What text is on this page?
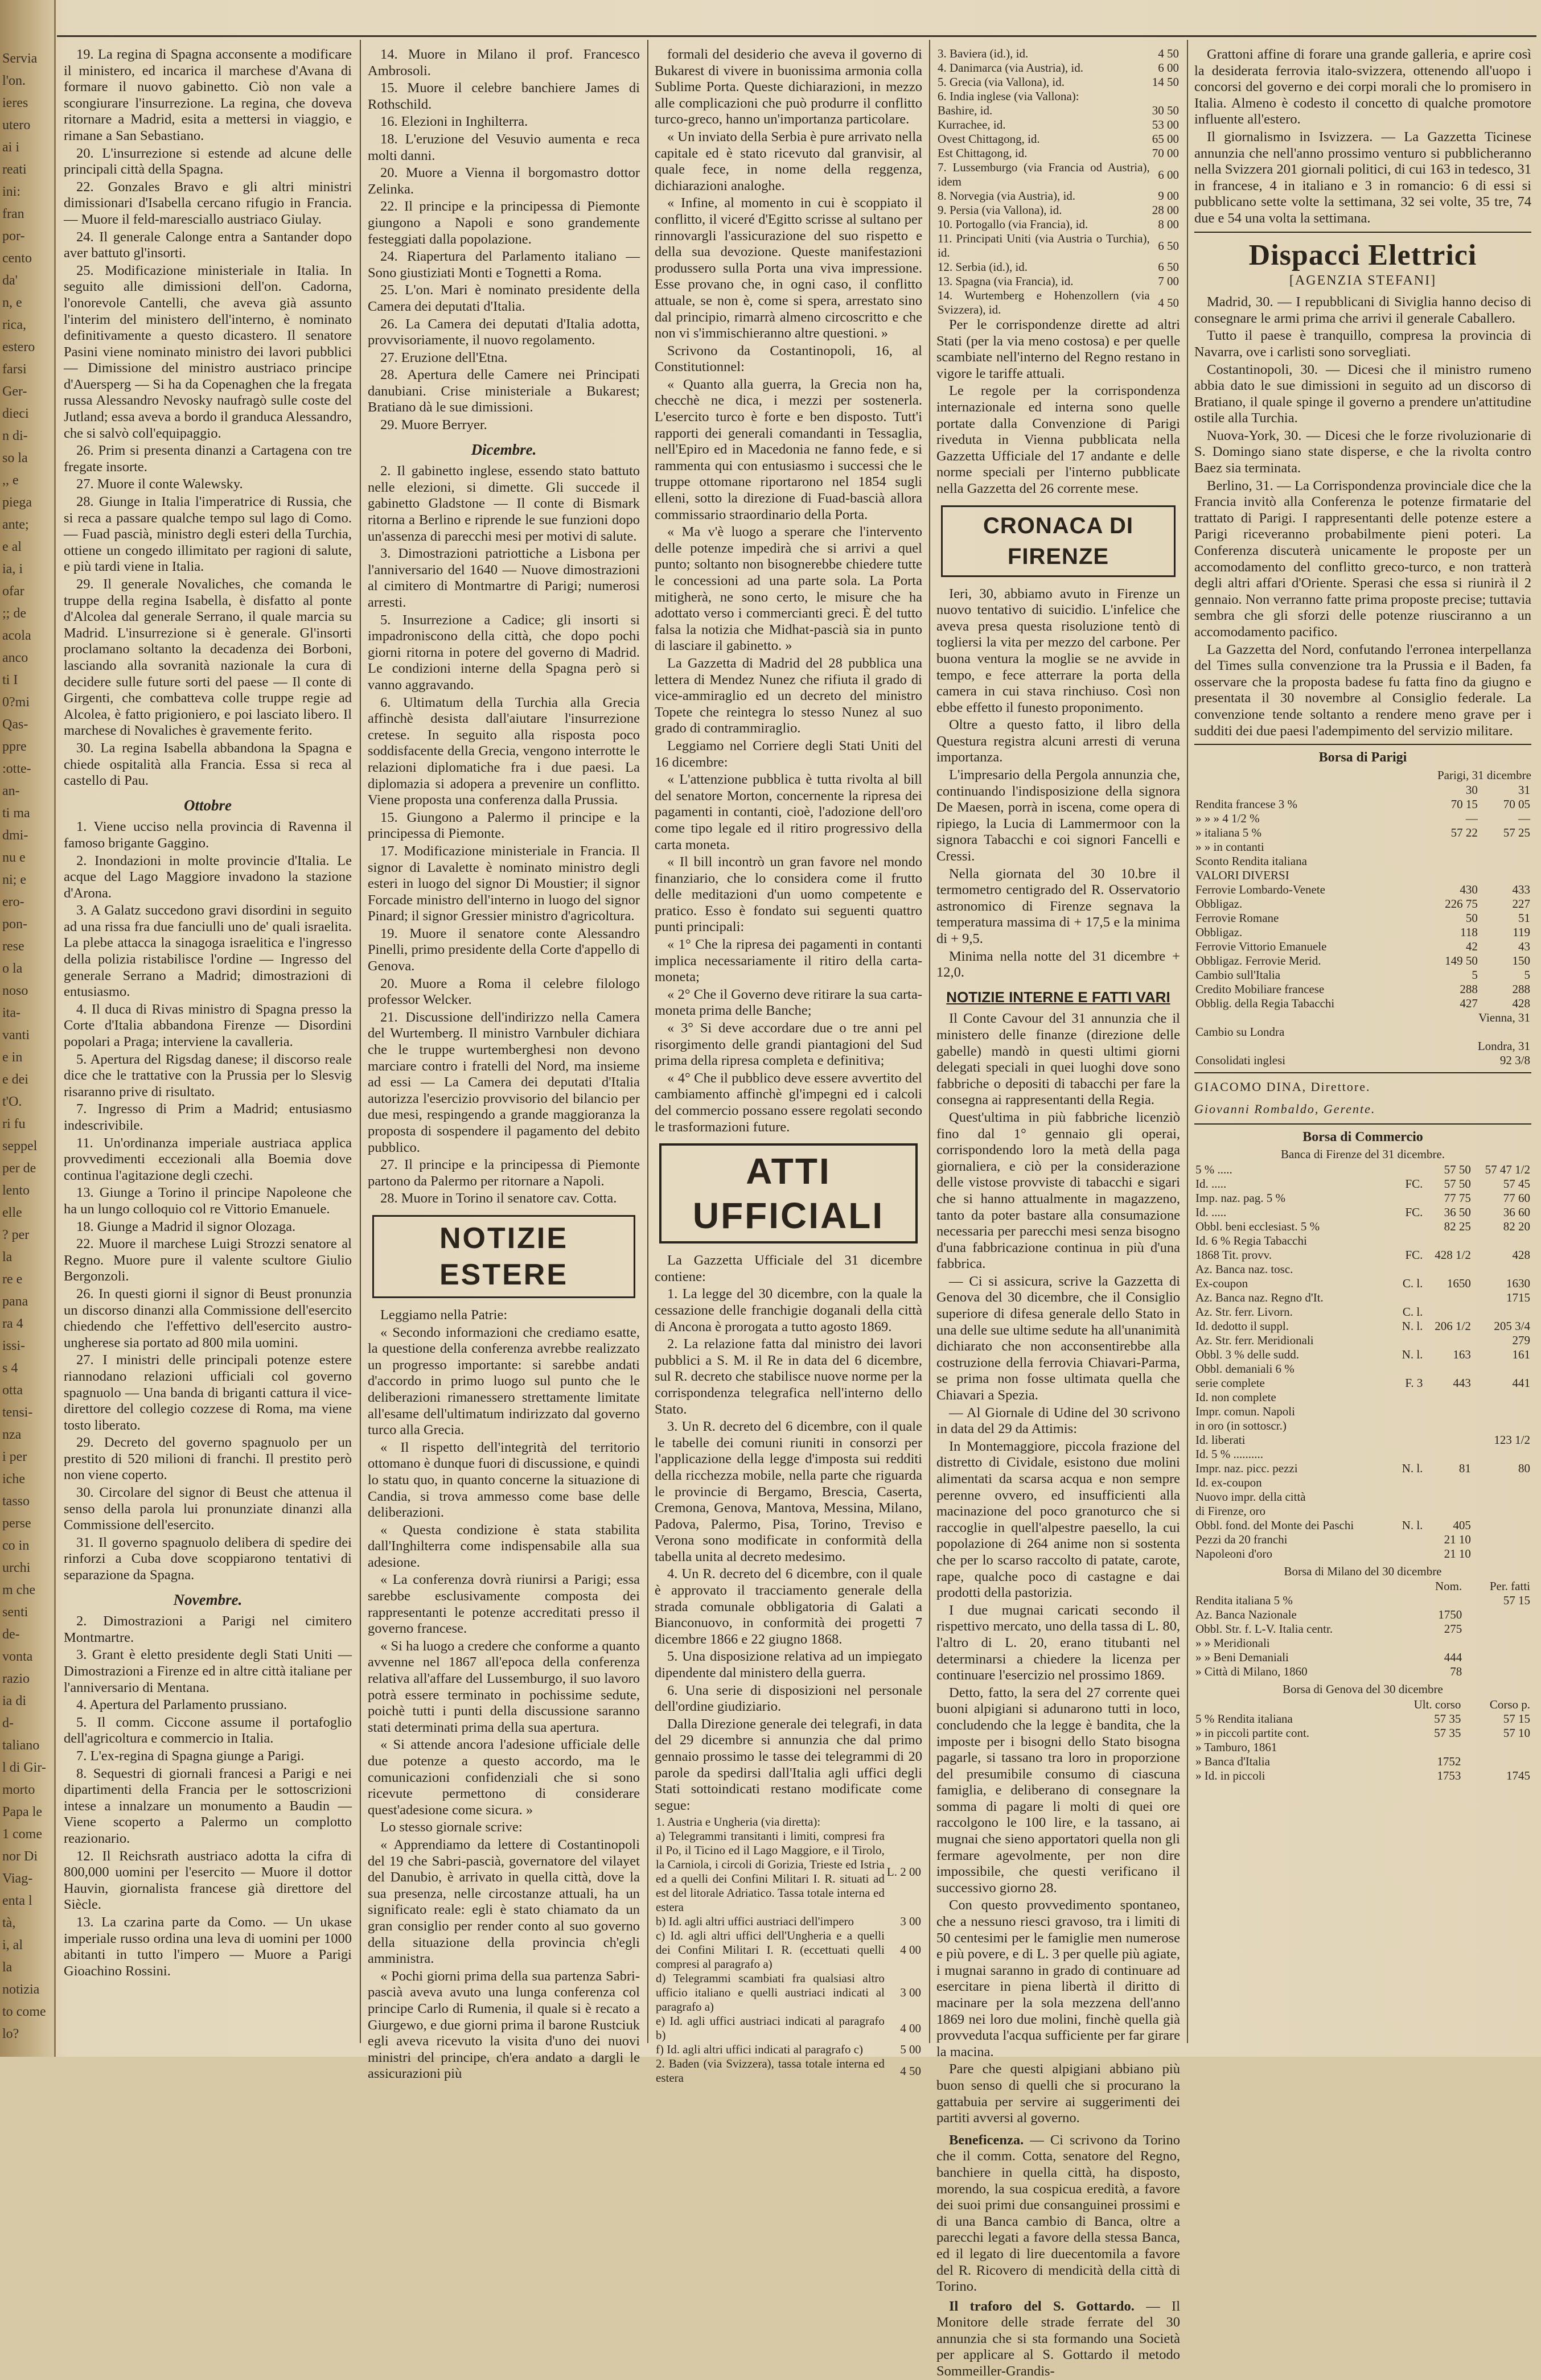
Servia
l'on.
ieres
utero
ai i
reati
ini:
fran
por-
cento
da'
n, e
rica,
estero
farsi
Ger-
dieci
n di-
so la
,, e
piega
ante;
e al
ia, i
ofar
;; de
acola
anco
ti I
0?mi
Qas-
ppre
:otte-
an-
ti ma
dmi-
nu e
ni; e
ero-
pon-
rese
o la
noso
ita-
vanti
e in
e dei
t'O.
ri fu
seppel
per de
lento
elle
? per
la
re e
pana
ra 4
issi-
s 4
otta
tensi-
nza
i per
iche
tasso
perse
co in
urchi
m che
senti
de-
vonta
razio
ia di
d-
taliano
l di Gir-
morto
Papa le
1 come
nor Di
Viag-
enta l
tà,
i, al
la
notizia
to come
lo?

19. La regina di Spagna acconsente a modificare il ministero, ed incarica il marchese d'Avana di formare il nuovo gabinetto. Ciò non vale a scongiurare l'insurrezione. La regina, che doveva ritornare a Madrid, esita a mettersi in viaggio, e rimane a San Sebastiano.

20. L'insurrezione si estende ad alcune delle principali città della Spagna.

22. Gonzales Bravo e gli altri ministri dimissionari d'Isabella cercano rifugio in Francia. — Muore il feld-maresciallo austriaco Giulay.

24. Il generale Calonge entra a Santander dopo aver battuto gl'insorti.

25. Modificazione ministeriale in Italia. In seguito alle dimissioni dell'on. Cadorna, l'onorevole Cantelli, che aveva già assunto l'interim del ministero dell'interno, è nominato definitivamente a questo dicastero. Il senatore Pasini viene nominato ministro dei lavori pubblici — Dimissione del ministro austriaco principe d'Auersperg — Si ha da Copenaghen che la fregata russa Alessandro Nevosky naufragò sulle coste del Jutland; essa aveva a bordo il granduca Alessandro, che si salvò coll'equipaggio.

26. Prim si presenta dinanzi a Cartagena con tre fregate insorte.

27. Muore il conte Walewsky.

28. Giunge in Italia l'imperatrice di Russia, che si reca a passare qualche tempo sul lago di Como. — Fuad pascià, ministro degli esteri della Turchia, ottiene un congedo illimitato per ragioni di salute, e più tardi viene in Italia.

29. Il generale Novaliches, che comanda le truppe della regina Isabella, è disfatto al ponte d'Alcolea dal generale Serrano, il quale marcia su Madrid. L'insurrezione si è generale. Gl'insorti proclamano soltanto la decadenza dei Borboni, lasciando alla sovranità nazionale la cura di decidere sulle future sorti del paese — Il conte di Girgenti, che combatteva colle truppe regie ad Alcolea, è fatto prigioniero, e poi lasciato libero. Il marchese di Novaliches è gravemente ferito.

30. La regina Isabella abbandona la Spagna e chiede ospitalità alla Francia. Essa si reca al castello di Pau.

Ottobre

1. Viene ucciso nella provincia di Ravenna il famoso brigante Gaggino.

2. Inondazioni in molte provincie d'Italia. Le acque del Lago Maggiore invadono la stazione d'Arona.

3. A Galatz succedono gravi disordini in seguito ad una rissa fra due fanciulli uno de' quali israelita. La plebe attacca la sinagoga israelitica e l'ingresso della polizia ristabilisce l'ordine — Ingresso del generale Serrano a Madrid; dimostrazioni di entusiasmo.

4. Il duca di Rivas ministro di Spagna presso la Corte d'Italia abbandona Firenze — Disordini popolari a Praga; interviene la cavalleria.

5. Apertura del Rigsdag danese; il discorso reale dice che le trattative con la Prussia per lo Slesvig risaranno prive di risultato.

7. Ingresso di Prim a Madrid; entusiasmo indescrivibile.

11. Un'ordinanza imperiale austriaca applica provvedimenti eccezionali alla Boemia dove continua l'agitazione degli czechi.

13. Giunge a Torino il principe Napoleone che ha un lungo colloquio col re Vittorio Emanuele.

18. Giunge a Madrid il signor Olozaga.

22. Muore il marchese Luigi Strozzi senatore al Regno. Muore pure il valente scultore Giulio Bergonzoli.

26. In questi giorni il signor di Beust pronunzia un discorso dinanzi alla Commissione dell'esercito chiedendo che l'effettivo dell'esercito austro-ungherese sia portato ad 800 mila uomini.

27. I ministri delle principali potenze estere riannodano relazioni ufficiali col governo spagnuolo — Una banda di briganti cattura il vice-direttore del collegio cozzese di Roma, ma viene tosto liberato.

29. Decreto del governo spagnuolo per un prestito di 520 milioni di franchi. Il prestito però non viene coperto.

30. Circolare del signor di Beust che attenua il senso della parola lui pronunziate dinanzi alla Commissione dell'esercito.

31. Il governo spagnuolo delibera di spedire dei rinforzi a Cuba dove scoppiarono tentativi di separazione da Spagna.

Novembre.

2. Dimostrazioni a Parigi nel cimitero Montmartre.

3. Grant è eletto presidente degli Stati Uniti — Dimostrazioni a Firenze ed in altre città italiane per l'anniversario di Mentana.

4. Apertura del Parlamento prussiano.

5. Il comm. Ciccone assume il portafoglio dell'agricoltura e commercio in Italia.

7. L'ex-regina di Spagna giunge a Parigi.

8. Sequestri di giornali francesi a Parigi e nei dipartimenti della Francia per le sottoscrizioni intese a innalzare un monumento a Baudin — Viene scoperto a Palermo un complotto reazionario.

12. Il Reichsrath austriaco adotta la cifra di 800,000 uomini per l'esercito — Muore il dottor Hauvin, giornalista francese già direttore del Siècle.

13. La czarina parte da Como. — Un ukase imperiale russo ordina una leva di uomini per 1000 abitanti in tutto l'impero — Muore a Parigi Gioachino Rossini.

14. Muore in Milano il prof. Francesco Ambrosoli.

15. Muore il celebre banchiere James di Rothschild.

16. Elezioni in Inghilterra.

18. L'eruzione del Vesuvio aumenta e reca molti danni.

20. Muore a Vienna il borgomastro dottor Zelinka.

22. Il principe e la principessa di Piemonte giungono a Napoli e sono grandemente festeggiati dalla popolazione.

24. Riapertura del Parlamento italiano — Sono giustiziati Monti e Tognetti a Roma.

25. L'on. Mari è nominato presidente della Camera dei deputati d'Italia.

26. La Camera dei deputati d'Italia adotta, provvisoriamente, il nuovo regolamento.

27. Eruzione dell'Etna.

28. Apertura delle Camere nei Principati danubiani. Crise ministeriale a Bukarest; Bratiano dà le sue dimissioni.

29. Muore Berryer.

Dicembre.

2. Il gabinetto inglese, essendo stato battuto nelle elezioni, si dimette. Gli succede il gabinetto Gladstone — Il conte di Bismark ritorna a Berlino e riprende le sue funzioni dopo un'assenza di parecchi mesi per motivi di salute.

3. Dimostrazioni patriottiche a Lisbona per l'anniversario del 1640 — Nuove dimostrazioni al cimitero di Montmartre di Parigi; numerosi arresti.

5. Insurrezione a Cadice; gli insorti si impadroniscono della città, che dopo pochi giorni ritorna in potere del governo di Madrid. Le condizioni interne della Spagna però si vanno aggravando.

6. Ultimatum della Turchia alla Grecia affinchè desista dall'aiutare l'insurrezione cretese. In seguito alla risposta poco soddisfacente della Grecia, vengono interrotte le relazioni diplomatiche fra i due paesi. La diplomazia si adopera a prevenire un conflitto. Viene proposta una conferenza dalla Prussia.

15. Giungono a Palermo il principe e la principessa di Piemonte.

17. Modificazione ministeriale in Francia. Il signor di Lavalette è nominato ministro degli esteri in luogo del signor Di Moustier; il signor Forcade ministro dell'interno in luogo del signor Pinard; il signor Gressier ministro d'agricoltura.

19. Muore il senatore conte Alessandro Pinelli, primo presidente della Corte d'appello di Genova.

20. Muore a Roma il celebre filologo professor Welcker.

21. Discussione dell'indirizzo nella Camera del Wurtemberg. Il ministro Varnbuler dichiara che le truppe wurtemberghesi non devono marciare contro i fratelli del Nord, ma insieme ad essi — La Camera dei deputati d'Italia autorizza l'esercizio provvisorio del bilancio per due mesi, respingendo a grande maggioranza la proposta di sospendere il pagamento del debito pubblico.

27. Il principe e la principessa di Piemonte partono da Palermo per ritornare a Napoli.

28. Muore in Torino il senatore cav. Cotta.

NOTIZIE ESTERE

Leggiamo nella Patrie:

« Secondo informazioni che crediamo esatte, la questione della conferenza avrebbe realizzato un progresso importante: si sarebbe andati d'accordo in primo luogo sul punto che le deliberazioni rimanessero strettamente limitate all'esame dell'ultimatum indirizzato dal governo turco alla Grecia.

« Il rispetto dell'integrità del territorio ottomano è dunque fuori di discussione, e quindi lo statu quo, in quanto concerne la situazione di Candia, si trova ammesso come base delle deliberazioni.

« Questa condizione è stata stabilita dall'Inghilterra come indispensabile alla sua adesione.

« La conferenza dovrà riunirsi a Parigi; essa sarebbe esclusivamente composta dei rappresentanti le potenze accreditati presso il governo francese.

« Si ha luogo a credere che conforme a quanto avvenne nel 1867 all'epoca della conferenza relativa all'affare del Lussemburgo, il suo lavoro potrà essere terminato in pochissime sedute, poichè tutti i punti della discussione saranno stati determinati prima della sua apertura.

« Si attende ancora l'adesione ufficiale delle due potenze a questo accordo, ma le comunicazioni confidenziali che si sono ricevute permettono di considerare quest'adesione come sicura. »

Lo stesso giornale scrive:

« Apprendiamo da lettere di Costantinopoli del 19 che Sabri-pascià, governatore del vilayet del Danubio, è arrivato in quella città, dove la sua presenza, nelle circostanze attuali, ha un significato reale: egli è stato chiamato da un gran consiglio per render conto al suo governo della situazione della provincia ch'egli amministra.

« Pochi giorni prima della sua partenza Sabri-pascià aveva avuto una lunga conferenza col principe Carlo di Rumenia, il quale si è recato a Giurgewo, e due giorni prima il barone Rustciuk egli aveva ricevuto la visita d'uno dei nuovi ministri del principe, ch'era andato a dargli le assicurazioni più

formali del desiderio che aveva il governo di Bukarest di vivere in buonissima armonia colla Sublime Porta. Queste dichiarazioni, in mezzo alle complicazioni che può produrre il conflitto turco-greco, hanno un'importanza particolare.

« Un inviato della Serbia è pure arrivato nella capitale ed è stato ricevuto dal granvisir, al quale fece, in nome della reggenza, dichiarazioni analoghe.

« Infine, al momento in cui è scoppiato il conflitto, il viceré d'Egitto scrisse al sultano per rinnovargli l'assicurazione del suo rispetto e della sua devozione. Queste manifestazioni produssero sulla Porta una viva impressione. Esse provano che, in ogni caso, il conflitto attuale, se non è, come si spera, arrestato sino dal principio, rimarrà almeno circoscritto e che non vi s'immischieranno altre questioni. »

Scrivono da Costantinopoli, 16, al Constitutionnel:

« Quanto alla guerra, la Grecia non ha, checchè ne dica, i mezzi per sostenerla. L'esercito turco è forte e ben disposto. Tutt'i rapporti dei generali comandanti in Tessaglia, nell'Epiro ed in Macedonia ne fanno fede, e si rammenta qui con entusiasmo i successi che le truppe ottomane riportarono nel 1854 sugli elleni, sotto la direzione di Fuad-bascià allora commissario straordinario della Porta.

« Ma v'è luogo a sperare che l'intervento delle potenze impedirà che si arrivi a quel punto; soltanto non bisognerebbe chiedere tutte le concessioni ad una parte sola. La Porta mitigherà, ne sono certo, le misure che ha adottato verso i commercianti greci. È del tutto falsa la notizia che Midhat-pascià sia in punto di lasciare il gabinetto. »

La Gazzetta di Madrid del 28 pubblica una lettera di Mendez Nunez che rifiuta il grado di vice-ammiraglio ed un decreto del ministro Topete che reintegra lo stesso Nunez al suo grado di contrammiraglio.

Leggiamo nel Corriere degli Stati Uniti del 16 dicembre:

« L'attenzione pubblica è tutta rivolta al bill del senatore Morton, concernente la ripresa dei pagamenti in contanti, cioè, l'adozione dell'oro come tipo legale ed il ritiro progressivo della carta moneta.

« Il bill incontrò un gran favore nel mondo finanziario, che lo considera come il frutto delle meditazioni d'un uomo competente e pratico. Esso è fondato sui seguenti quattro punti principali:

« 1° Che la ripresa dei pagamenti in contanti implica necessariamente il ritiro della carta-moneta;

« 2° Che il Governo deve ritirare la sua carta-moneta prima delle Banche;

« 3° Si deve accordare due o tre anni pel risorgimento delle grandi piantagioni del Sud prima della ripresa completa e definitiva;

« 4° Che il pubblico deve essere avvertito del cambiamento affinchè gl'impegni ed i calcoli del commercio possano essere regolati secondo le trasformazioni future.

ATTI UFFICIALI

La Gazzetta Ufficiale del 31 dicembre contiene:

1. La legge del 30 dicembre, con la quale la cessazione delle franchigie doganali della città di Ancona è prorogata a tutto agosto 1869.

2. La relazione fatta dal ministro dei lavori pubblici a S. M. il Re in data del 6 dicembre, sul R. decreto che stabilisce nuove norme per la corrispondenza telegrafica nell'interno dello Stato.

3. Un R. decreto del 6 dicembre, con il quale le tabelle dei comuni riuniti in consorzi per l'applicazione della legge d'imposta sui redditi della ricchezza mobile, nella parte che riguarda le provincie di Bergamo, Brescia, Caserta, Cremona, Genova, Mantova, Messina, Milano, Padova, Palermo, Pisa, Torino, Treviso e Verona sono modificate in conformità della tabella unita al decreto medesimo.

4. Un R. decreto del 6 dicembre, con il quale è approvato il tracciamento generale della strada comunale obbligatoria di Galati a Bianconuovo, in conformità dei progetti 7 dicembre 1866 e 22 giugno 1868.

5. Una disposizione relativa ad un impiegato dipendente dal ministero della guerra.

6. Una serie di disposizioni nel personale dell'ordine giudiziario.

Dalla Direzione generale dei telegrafi, in data del 29 dicembre si annunzia che dal primo gennaio prossimo le tasse dei telegrammi di 20 parole da spedirsi dall'Italia agli uffici degli Stati sottoindicati restano modificate come segue:

1. Austria e Ungheria (via diretta):	
a) Telegrammi transitanti i limiti, compresi fra il Po, il Ticino ed il Lago Maggiore, e il Tirolo, la Carniola, i circoli di Gorizia, Trieste ed Istria ed a quelli dei Confini Militari I. R. situati ad est del litorale Adriatico. Tassa totale interna ed estera	L. 2 00
b) Id. agli altri uffici austriaci dell'impero	3 00
c) Id. agli altri uffici dell'Ungheria e a quelli dei Confini Militari I. R. (eccettuati quelli compresi al paragrafo a)	4 00
d) Telegrammi scambiati fra qualsiasi altro ufficio italiano e quelli austriaci indicati al paragrafo a)	3 00
e) Id. agli uffici austriaci indicati al paragrafo b)	4 00
f) Id. agli altri uffici indicati al paragrafo c)	5 00
2. Baden (via Svizzera), tassa totale interna ed estera	4 50
3. Baviera (id.), id.	4 50
4. Danimarca (via Austria), id.	6 00
5. Grecia (via Vallona), id.	14 50
6. India inglese (via Vallona):	
Bashire, id.	30 50
Kurrachee, id.	53 00
Ovest Chittagong, id.	65 00
Est Chittagong, id.	70 00
7. Lussemburgo (via Francia od Austria), idem	6 00
8. Norvegia (via Austria), id.	9 00
9. Persia (via Vallona), id.	28 00
10. Portogallo (via Francia), id.	8 00
11. Principati Uniti (via Austria o Turchia), id.	6 50
12. Serbia (id.), id.	6 50
13. Spagna (via Francia), id.	7 00
14. Wurtemberg e Hohenzollern (via Svizzera), id.	4 50

Per le corrispondenze dirette ad altri Stati (per la via meno costosa) e per quelle scambiate nell'interno del Regno restano in vigore le tariffe attuali.

Le regole per la corrispondenza internazionale ed interna sono quelle portate dalla Convenzione di Parigi riveduta in Vienna pubblicata nella Gazzetta Ufficiale del 17 andante e delle norme speciali per l'interno pubblicate nella Gazzetta del 26 corrente mese.

CRONACA DI FIRENZE

Ieri, 30, abbiamo avuto in Firenze un nuovo tentativo di suicidio. L'infelice che aveva presa questa risoluzione tentò di togliersi la vita per mezzo del carbone. Per buona ventura la moglie se ne avvide in tempo, e fece atterrare la porta della camera in cui stava rinchiuso. Così non ebbe effetto il funesto proponimento.

Oltre a questo fatto, il libro della Questura registra alcuni arresti di veruna importanza.

L'impresario della Pergola annunzia che, continuando l'indisposizione della signora De Maesen, porrà in iscena, come opera di ripiego, la Lucia di Lammermoor con la signora Tabacchi e coi signori Fancelli e Cressi.

Nella giornata del 30 10.bre il termometro centigrado del R. Osservatorio astronomico di Firenze segnava la temperatura massima di + 17,5 e la minima di + 9,5.

Minima nella notte del 31 dicembre + 12,0.

NOTIZIE INTERNE E FATTI VARI

Il Conte Cavour del 31 annunzia che il ministero delle finanze (direzione delle gabelle) mandò in questi ultimi giorni delegati speciali in quei luoghi dove sono fabbriche o depositi di tabacchi per fare la consegna ai rappresentanti della Regia.

Quest'ultima in più fabbriche licenziò fino dal 1° gennaio gli operai, corrispondendo loro la metà della paga giornaliera, e ciò per la considerazione delle vistose provviste di tabacchi e sigari che si hanno attualmente in magazzeno, tanto da poter bastare alla consumazione necessaria per parecchi mesi senza bisogno d'una fabbricazione continua in più d'una fabbrica.

— Ci si assicura, scrive la Gazzetta di Genova del 30 dicembre, che il Consiglio superiore di difesa generale dello Stato in una delle sue ultime sedute ha all'unanimità dichiarato che non acconsentirebbe alla costruzione della ferrovia Chiavari-Parma, se prima non fosse ultimata quella che Chiavari a Spezia.

— Al Giornale di Udine del 30 scrivono in data del 29 da Attimis:

In Montemaggiore, piccola frazione del distretto di Cividale, esistono due molini alimentati da scarsa acqua e non sempre perenne ovvero, ed insufficienti alla macinazione del poco granoturco che si raccoglie in quell'alpestre paesello, la cui popolazione di 264 anime non si sostenta che per lo scarso raccolto di patate, carote, rape, qualche poco di castagne e dai prodotti della pastorizia.

I due mugnai caricati secondo il rispettivo mercato, uno della tassa di L. 80, l'altro di L. 20, erano titubanti nel determinarsi a chiedere la licenza per continuare l'esercizio nel prossimo 1869.

Detto, fatto, la sera del 27 corrente quei buoni alpigiani si adunarono tutti in loco, concludendo che la legge è bandita, che la imposte per i bisogni dello Stato bisogna pagarle, si tassano tra loro in proporzione del presumibile consumo di ciascuna famiglia, e deliberano di consegnare la somma di pagare li molti di quei ore raccolgono le 100 lire, e la tassano, ai mugnai che sieno apportatori quella non gli fermare agevolmente, per non dire impossibile, che questi verificano il successivo giorno 28.

Con questo provvedimento spontaneo, che a nessuno riesci gravoso, tra i limiti di 50 centesimi per le famiglie men numerose e più povere, e di L. 3 per quelle più agiate, i mugnai saranno in grado di continuare ad esercitare in piena libertà il diritto di macinare per la sola mezzena dell'anno 1869 nei loro due molini, finchè quella già provveduta l'acqua sufficiente per far girare la macina.

Pare che questi alpigiani abbiano più buon senso di quelli che si procurano la gattabuia per servire ai suggerimenti dei partiti avversi al governo.

Beneficenza. — Ci scrivono da Torino che il comm. Cotta, senatore del Regno, banchiere in quella città, ha disposto, morendo, la sua cospicua eredità, a favore dei suoi primi due consanguinei prossimi e di una Banca cambio di Banca, oltre a parecchi legati a favore della stessa Banca, ed il legato di lire duecentomila a favore del R. Ricovero di mendicità della città di Torino.

Il traforo del S. Gottardo. — Il Monitore delle strade ferrate del 30 annunzia che si sta formando una Società per applicare al S. Gottardo il metodo Sommeiller-Grandis-

Grattoni affine di forare una grande galleria, e aprire così la desiderata ferrovia italo-svizzera, ottenendo all'uopo i concorsi del governo e dei corpi morali che lo promisero in Italia. Almeno è codesto il concetto di qualche promotore influente all'estero.

Il giornalismo in Isvizzera. — La Gazzetta Ticinese annunzia che nell'anno prossimo venturo si pubblicheranno nella Svizzera 201 giornali politici, di cui 163 in tedesco, 31 in francese, 4 in italiano e 3 in romancio: 6 di essi si pubblicano sette volte la settimana, 32 sei volte, 35 tre, 74 due e 54 una volta la settimana.

Dispacci Elettrici
[AGENZIA STEFANI]

Madrid, 30. — I repubblicani di Siviglia hanno deciso di consegnare le armi prima che arrivi il generale Caballero.

Tutto il paese è tranquillo, compresa la provincia di Navarra, ove i carlisti sono sorvegliati.

Costantinopoli, 30. — Dicesi che il ministro rumeno abbia dato le sue dimissioni in seguito ad un discorso di Bratiano, il quale spinge il governo a prendere un'attitudine ostile alla Turchia.

Nuova-York, 30. — Dicesi che le forze rivoluzionarie di S. Domingo siano state disperse, e che la rivolta contro Baez sia terminata.

Berlino, 31. — La Corrispondenza provinciale dice che la Francia invitò alla Conferenza le potenze firmatarie del trattato di Parigi. I rappresentanti delle potenze estere a Parigi riceveranno probabilmente pieni poteri. La Conferenza discuterà unicamente le proposte per un accomodamento del conflitto greco-turco, e non tratterà degli altri affari d'Oriente. Sperasi che essa si riunirà il 2 gennaio. Non verranno fatte prima proposte precise; tuttavia sembra che gli sforzi delle potenze riusciranno a un accomodamento pacifico.

La Gazzetta del Nord, confutando l'erronea interpellanza del Times sulla convenzione tra la Prussia e il Baden, fa osservare che la proposta badese fu fatta fino da giugno e presentata il 30 novembre al Consiglio federale. La convenzione tende soltanto a rendere meno grave per i sudditi dei due paesi l'adempimento del servizio militare.

Borsa di Parigi
Parigi, 31 dicembre
	30	31
Rendita francese 3 %	70 15	70 05
» » » 4 1/2 %	—	—
» italiana 5 %	57 22	57 25
» » in contanti		
Sconto Rendita italiana		
VALORI DIVERSI		
Ferrovie Lombardo-Venete	430	433
Obbligaz.	226 75	227
Ferrovie Romane	50	51
Obbligaz.	118	119
Ferrovie Vittorio Emanuele	42	43
Obbligaz. Ferrovie Merid.	149 50	150
Cambio sull'Italia	5	5
Credito Mobiliare francese	288	288
Obblig. della Regia Tabacchi	427	428
Vienna, 31		
Cambio su Londra		
Londra, 31		
Consolidati inglesi		92 3/8
GIACOMO DINA, Direttore.
Giovanni Rombaldo, Gerente.
Borsa di Commercio
Banca di Firenze del 31 dicembre.
5 % .....		57 50	57 47 1/2
Id. .....	FC.	57 50	57 45
Imp. naz. pag. 5 %		77 75	77 60
Id. .....	FC.	36 50	36 60
Obbl. beni ecclesiast. 5 %		82 25	82 20
Id. 6 % Regia Tabacchi			
1868 Tit. provv.	FC.	428 1/2	428
Az. Banca naz. tosc.			
Ex-coupon	C. l.	1650	1630
Az. Banca naz. Regno d'It.			1715
Az. Str. ferr. Livorn.	C. l.		
Id. dedotto il suppl.	N. l.	206 1/2	205 3/4
Az. Str. ferr. Meridionali			279
Obbl. 3 % delle sudd.	N. l.	163	161
Obbl. demaniali 6 %			
serie complete	F. 3	443	441
Id. non complete			
Impr. comun. Napoli			
in oro (in sottoscr.)			
Id. liberati			123 1/2
Id. 5 % ..........			
Impr. naz. picc. pezzi	N. l.	81	80
Id. ex-coupon			
Nuovo impr. della città			
di Firenze, oro			
Obbl. fond. del Monte dei Paschi	N. l.	405	
Pezzi da 20 franchi		21 10	
Napoleoni d'oro		21 10	
Borsa di Milano del 30 dicembre
	Nom.	Per. fatti
Rendita italiana 5 %		57 15
Az. Banca Nazionale	1750	
Obbl. Str. f. L-V. Italia centr.	275	
» » Meridionali		
» » Beni Demaniali	444	
» Città di Milano, 1860	78	
Borsa di Genova del 30 dicembre
	Ult. corso	Corso p.
5 % Rendita italiana	57 35	57 15
» in piccoli partite cont.	57 35	57 10
» Tamburo, 1861		
» Banca d'Italia	1752	
» Id. in piccoli	1753	1745
